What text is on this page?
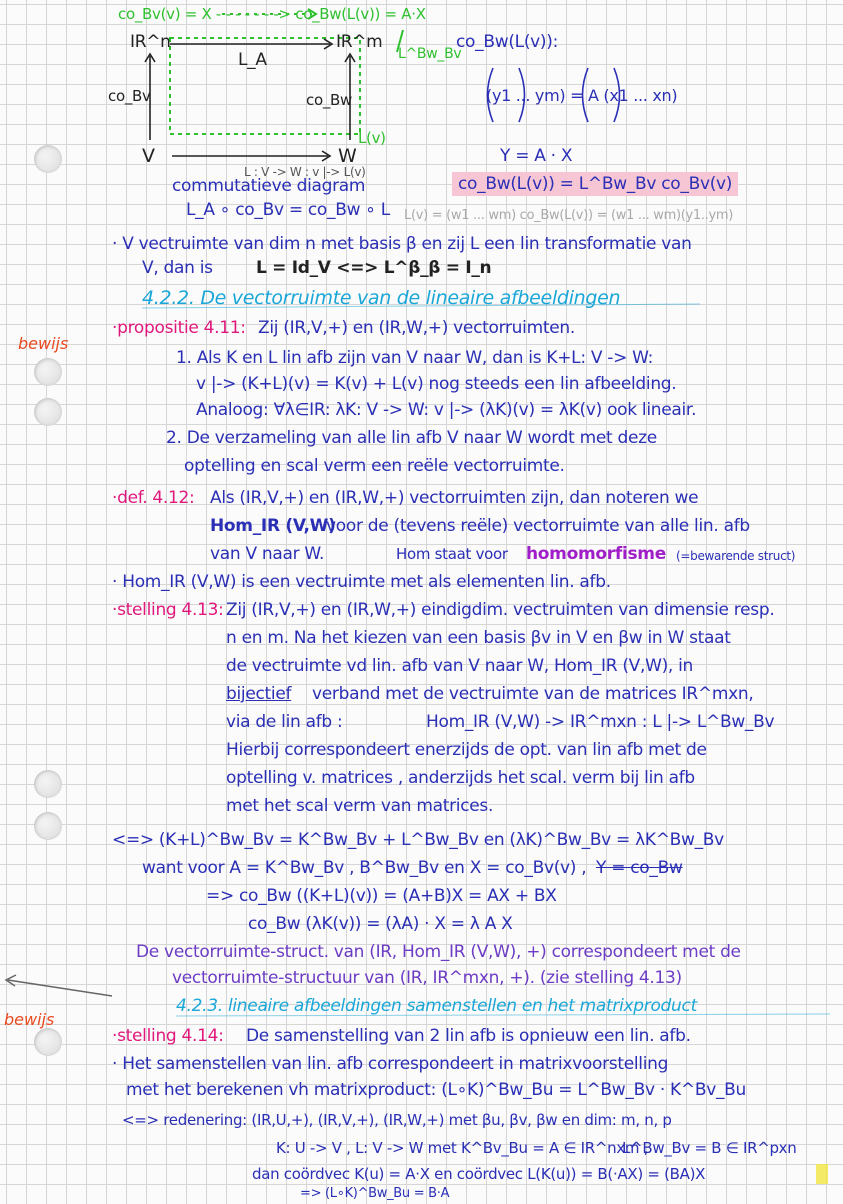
co_Bv(v) = X - - - - - - -> co_Bw(L(v)) = A·X
IR^n	IR^m
L_A
co_Bv	co_Bw
V	W
L(v)
L^Bw_Bv
L : V -> W : v |-> L(v)
commutatieve diagram
L_A ∘ co_Bv = co_Bw ∘ L
co_Bw(L(v)):
(y1 ... ym) = A (x1 ... xn)
Y = A · X
co_Bw(L(v)) = L^Bw_Bv co_Bv(v)
L(v) = (w1 ... wm) co_Bw(L(v)) = (w1 ... wm)(y1..ym)
· V vectruimte van dim n met basis β en zij L een lin transformatie van
V, dan is	L = Id_V <=> L^β_β = I_n
4.2.2. De vectorruimte van de lineaire afbeeldingen
·propositie 4.11: Zij (IR,V,+) en (IR,W,+) vectorruimten.
1. Als K en L lin afb zijn van V naar W, dan is K+L: V -> W:
v |-> (K+L)(v) = K(v) + L(v) nog steeds een lin afbeelding.
Analoog: ∀λ∈IR: λK: V -> W: v |-> (λK)(v) = λK(v) ook lineair.
2. De verzameling van alle lin afb V naar W wordt met deze
optelling en scal verm een reële vectorruimte.
·def. 4.12: Als (IR,V,+) en (IR,W,+) vectorruimten zijn, dan noteren we
Hom_IR (V,W)
voor de (tevens reële) vectorruimte van alle lin. afb
van V naar W.	Hom staat voor homomorfisme (=bewarende struct)
· Hom_IR (V,W) is een vectruimte met als elementen lin. afb.
·stelling 4.13: Zij (IR,V,+) en (IR,W,+) eindigdim. vectruimten van dimensie resp.
n en m. Na het kiezen van een basis βv in V en βw in W staat
de vectruimte vd lin. afb van V naar W, Hom_IR (V,W), in
bijectief verband met de vectruimte van de matrices IR^mxn,
via de lin afb :	Hom_IR (V,W) -> IR^mxn : L |-> L^Bw_Bv
Hierbij correspondeert enerzijds de opt. van lin afb met de
optelling v. matrices , anderzijds het scal. verm bij lin afb
met het scal verm van matrices.
<=> (K+L)^Bw_Bv = K^Bw_Bv + L^Bw_Bv en (λK)^Bw_Bv = λK^Bw_Bv
want voor A = K^Bw_Bv , B^Bw_Bv en X = co_Bv(v) , Y = co_Bw
=> co_Bw ((K+L)(v)) = (A+B)X = AX + BX
co_Bw (λK(v)) = (λA) · X = λ A X
De vectorruimte-struct. van (IR, Hom_IR (V,W), +) correspondeert met de
vectorruimte-structuur van (IR, IR^mxn, +). (zie stelling 4.13)
4.2.3. lineaire afbeeldingen samenstellen en het matrixproduct
·stelling 4.14: De samenstelling van 2 lin afb is opnieuw een lin. afb.
· Het samenstellen van lin. afb correspondeert in matrixvoorstelling
met het berekenen vh matrixproduct: (L∘K)^Bw_Bu = L^Bw_Bv · K^Bv_Bu
<=> redenering: (IR,U,+), (IR,V,+), (IR,W,+) met βu, βv, βw en dim: m, n, p
K: U -> V , L: V -> W met K^Bv_Bu = A ∈ IR^nxm ,
L^Bw_Bv = B ∈ IR^pxn
dan coördvec K(u) = A·X en coördvec L(K(u)) = B(·AX) = (BA)X
=> (L∘K)^Bw_Bu = B·A
bewijs
bewijs
